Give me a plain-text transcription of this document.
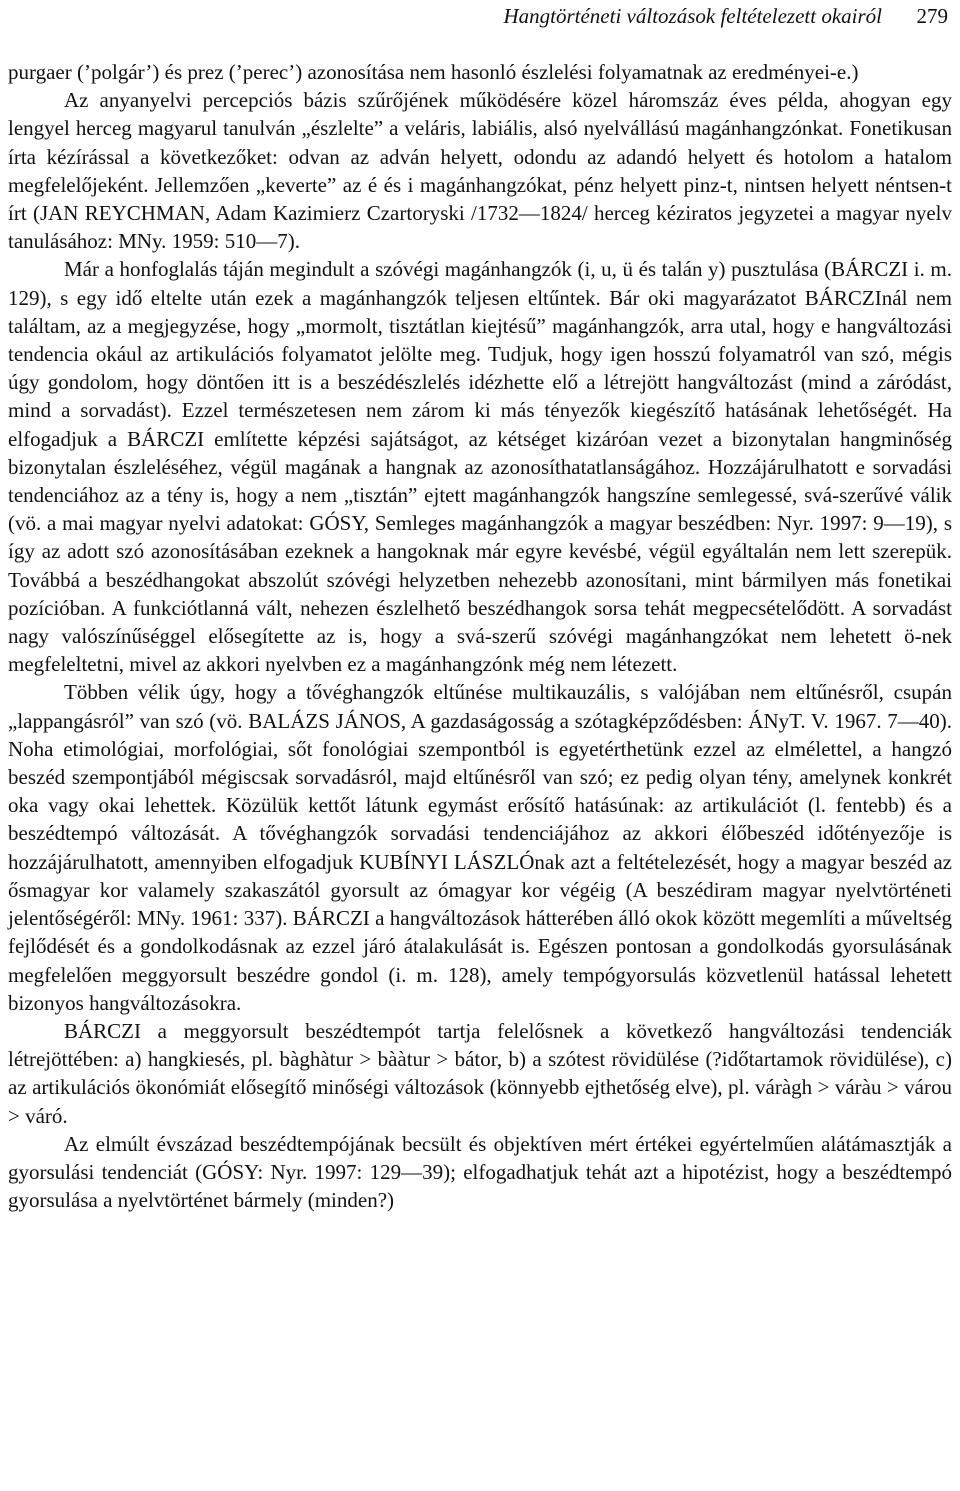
Hangtörténeti változások feltételezett okairól 279

purgaer (’polgár’) és prez (’perec’) azonosítása nem hasonló észlelési folyamatnak az eredményei-e.)

Az anyanyelvi percepciós bázis szűrőjének működésére közel háromszáz éves példa, ahogyan egy lengyel herceg magyarul tanulván „észlelte” a veláris, labiális, alsó nyelvállású magánhangzónkat. Fonetikusan írta kézírással a következőket: odvan az adván helyett, odondu az adandó helyett és hotolom a hatalom megfelelőjeként. Jellemzően „keverte” az é és i magánhangzókat, pénz helyett pinz-t, nintsen helyett néntsen-t írt (JAN REYCHMAN, Adam Kazimierz Czartoryski /1732—1824/ herceg kéziratos jegyzetei a magyar nyelv tanulásához: MNy. 1959: 510—7).

Már a honfoglalás táján megindult a szóvégi magánhangzók (i, u, ü és talán y) pusztulása (BÁRCZI i. m. 129), s egy idő eltelte után ezek a magánhangzók teljesen eltűntek. Bár oki magyarázatot BÁRCZInál nem találtam, az a megjegyzése, hogy „mormolt, tisztátlan kiejtésű” magánhangzók, arra utal, hogy e hangváltozási tendencia okául az artikulációs folyamatot jelölte meg. Tudjuk, hogy igen hosszú folyamatról van szó, mégis úgy gondolom, hogy döntően itt is a beszédészlelés idézhette elő a létrejött hangváltozást (mind a záródást, mind a sorvadást). Ezzel természetesen nem zárom ki más tényezők kiegészítő hatásának lehetőségét. Ha elfogadjuk a BÁRCZI említette képzési sajátságot, az kétséget kizáróan vezet a bizonytalan hangminőség bizonytalan észleléséhez, végül magának a hangnak az azonosíthatatlanságához. Hozzájárulhatott e sorvadási tendenciához az a tény is, hogy a nem „tisztán” ejtett magánhangzók hangszíne semlegessé, svá-szerűvé válik (vö. a mai magyar nyelvi adatokat: GÓSY, Semleges magánhangzók a magyar beszédben: Nyr. 1997: 9—19), s így az adott szó azonosításában ezeknek a hangoknak már egyre kevésbé, végül egyáltalán nem lett szerepük. Továbbá a beszédhangokat abszolút szóvégi helyzetben nehezebb azonosítani, mint bármilyen más fonetikai pozícióban. A funkciótlanná vált, nehezen észlelhető beszédhangok sorsa tehát megpecsételődött. A sorvadást nagy valószínűséggel elősegítette az is, hogy a svá-szerű szóvégi magánhangzókat nem lehetett ö-nek megfeleltetni, mivel az akkori nyelvben ez a magánhangzónk még nem létezett.

Többen vélik úgy, hogy a tővéghangzók eltűnése multikauzális, s valójában nem eltűnésről, csupán „lappangásról” van szó (vö. BALÁZS JÁNOS, A gazdaságosság a szótagképződésben: ÁNyT. V. 1967. 7—40). Noha etimológiai, morfológiai, sőt fonológiai szempontból is egyetérthetünk ezzel az elmélettel, a hangzó beszéd szempontjából mégiscsak sorvadásról, majd eltűnésről van szó; ez pedig olyan tény, amelynek konkrét oka vagy okai lehettek. Közülük kettőt látunk egymást erősítő hatásúnak: az artikulációt (l. fentebb) és a beszédtempó változását. A tővéghangzók sorvadási tendenciájához az akkori élőbeszéd időtényezője is hozzájárulhatott, amennyiben elfogadjuk KUBÍNYI LÁSZLÓnak azt a feltételezését, hogy a magyar beszéd az ősmagyar kor valamely szakaszától gyorsult az ómagyar kor végéig (A beszédiram magyar nyelvtörténeti jelentőségéről: MNy. 1961: 337). BÁRCZI a hangváltozások hátterében álló okok között megemlíti a műveltség fejlődését és a gondolkodásnak az ezzel járó átalakulását is. Egészen pontosan a gondolkodás gyorsulásának megfelelően meggyorsult beszédre gondol (i. m. 128), amely tempógyorsulás közvetlenül hatással lehetett bizonyos hangváltozásokra.

BÁRCZI a meggyorsult beszédtempót tartja felelősnek a következő hangváltozási tendenciák létrejöttében: a) hangkiesés, pl. bàghàtur > bààtur > bátor, b) a szótest rövidülése (?időtartamok rövidülése), c) az artikulációs ökonómiát elősegítő minőségi változások (könnyebb ejthetőség elve), pl. váràgh > váràu > várou > váró.

Az elmúlt évszázad beszédtempójának becsült és objektíven mért értékei egyértelműen alátámasztják a gyorsulási tendenciát (GÓSY: Nyr. 1997: 129—39); elfogadhatjuk tehát azt a hipotézist, hogy a beszédtempó gyorsulása a nyelvtörténet bármely (minden?)
